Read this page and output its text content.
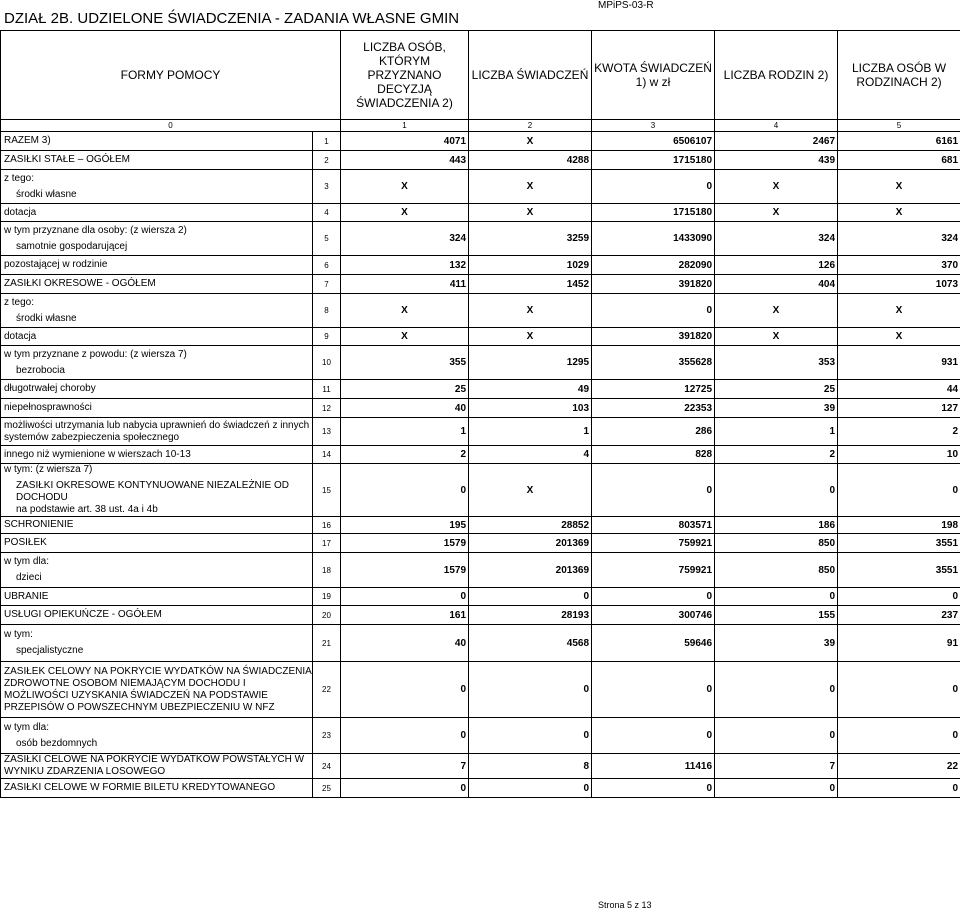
DZIAŁ 2B. UDZIELONE ŚWIADCZENIA - ZADANIA WŁASNE GMIN
MPiPS-03-R
FORMY POMOCY		LICZBA OSÓB, KTÓRYM PRZYZNANO DECYZJĄ ŚWIADCZENIA 2)	LICZBA ŚWIADCZEŃ	KWOTA ŚWIADCZEŃ 1) w zł	LICZBA RODZIN 2)	LICZBA OSÓB W RODZINACH 2)
0		1	2	3	4	5

RAZEM 3)	1	4071	X	6506107	2467	6161

ZASIŁKI STAŁE – OGÓŁEM	2	443	4288	1715180	439	681

z tego:
środki własne	3	X	X	0	X	X

dotacja	4	X	X	1715180	X	X

w tym przyznane dla osoby: (z wiersza 2)
samotnie gospodarującej	5	324	3259	1433090	324	324

pozostającej w rodzinie	6	132	1029	282090	126	370

ZASIŁKI OKRESOWE - OGÓŁEM	7	411	1452	391820	404	1073

z tego:
środki własne	8	X	X	0	X	X

dotacja	9	X	X	391820	X	X

w tym przyznane z powodu: (z wiersza 7)
bezrobocia	10	355	1295	355628	353	931

długotrwałej choroby	11	25	49	12725	25	44

niepełnosprawności	12	40	103	22353	39	127

możliwości utrzymania lub nabycia uprawnień do świadczeń z innych systemów zabezpieczenia społecznego	13	1	1	286	1	2

innego niż wymienione w wierszach 10-13	14	2	4	828	2	10

w tym: (z wiersza 7)
ZASIŁKI OKRESOWE KONTYNUOWANE NIEZALEŻNIE OD DOCHODU
na podstawie art. 38 ust. 4a i 4b	15	0	X	0	0	0

SCHRONIENIE	16	195	28852	803571	186	198

POSIŁEK	17	1579	201369	759921	850	3551

w tym dla:
dzieci	18	1579	201369	759921	850	3551

UBRANIE	19	0	0	0	0	0

USŁUGI OPIEKUŃCZE - OGÓŁEM	20	161	28193	300746	155	237

w tym:
specjalistyczne	21	40	4568	59646	39	91

ZASIŁEK CELOWY NA POKRYCIE WYDATKÓW NA ŚWIADCZENIA ZDROWOTNE OSOBOM NIEMAJĄCYM DOCHODU I MOŻLIWOŚCI UZYSKANIA ŚWIADCZEŃ NA PODSTAWIE PRZEPISÓW O POWSZECHNYM UBEZPIECZENIU W NFZ	22	0	0	0	0	0

w tym dla:
osób bezdomnych	23	0	0	0	0	0

ZASIŁKI CELOWE NA POKRYCIE WYDATKÓW POWSTAŁYCH W WYNIKU ZDARZENIA LOSOWEGO	24	7	8	11416	7	22

ZASIŁKI CELOWE W FORMIE BILETU KREDYTOWANEGO	25	0	0	0	0	0
Strona 5 z 13
